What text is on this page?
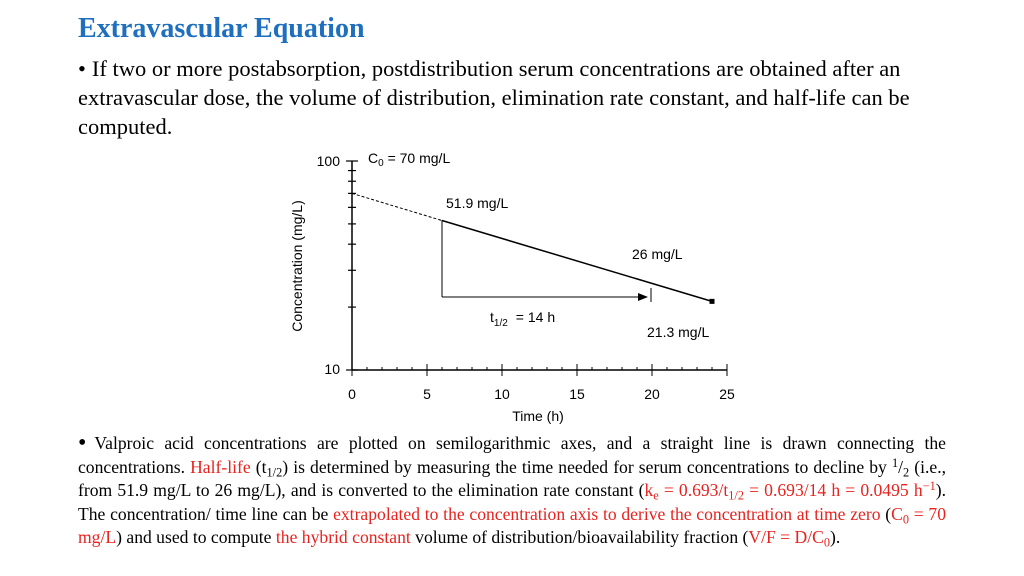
Extravascular Equation
• If two or more postabsorption, postdistribution serum concentrations are obtained after an extravascular dose, the volume of distribution, elimination rate constant, and half-life can be computed.
100
10
0	5	10	15	20	25
Time (h)
Concentration (mg/L)
$C_0 = 70$ mg/L
51.9 mg/L
26 mg/L
21.3 mg/L
$t_{1/2} = 14$ h
• Valproic acid concentrations are plotted on semilogarithmic axes, and a straight line is drawn connecting the concentrations. Half-life $(t_{1/2})$ is determined by measuring the time needed for serum concentrations to decline by $^1/_2$ (i.e., from 51.9 mg/L to 26 mg/L), and is converted to the elimination rate constant ($k_e = 0.693/t_{1/2} = 0.693/14$ h = 0.0495 $h^{-1}$). The concentration/ time line can be extrapolated to the concentration axis to derive the concentration at time zero ($C_0 = 70$ mg/L) and used to compute the hybrid constant volume of distribution/bioavailability fraction $(V/F = D/C_0)$.
